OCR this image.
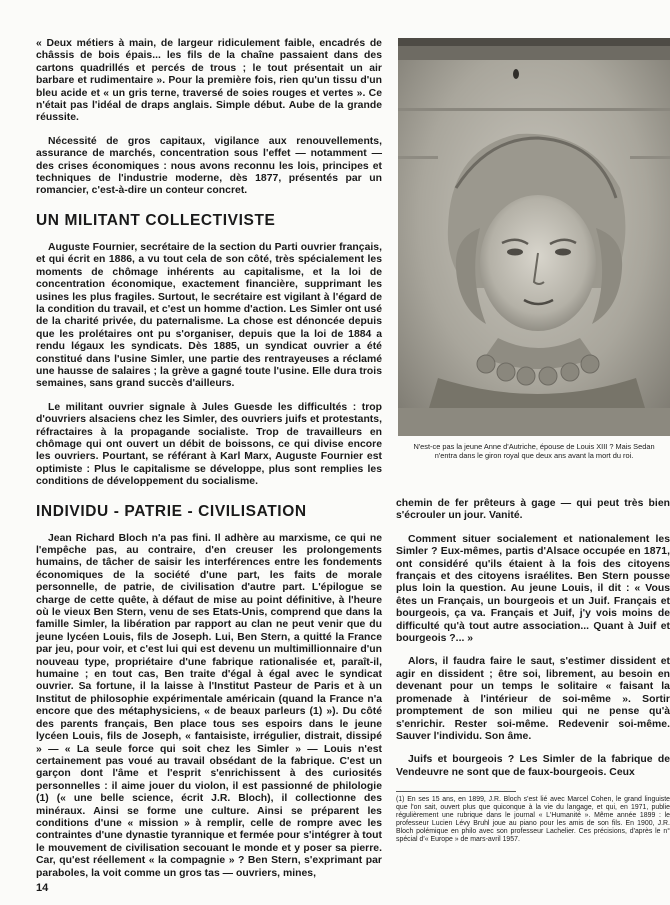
« Deux métiers à main, de largeur ridiculement faible, encadrés de châssis de bois épais... les fils de la chaîne passaient dans des cartons quadrillés et percés de trous ; le tout présentait un air barbare et rudimentaire ». Pour la première fois, rien qu'un tissu d'un bleu acide et « un gris terne, traversé de soies rouges et vertes ». Ce n'était pas l'idéal de draps anglais. Simple début. Aube de la grande réussite.

Nécessité de gros capitaux, vigilance aux renouvellements, assurance de marchés, concentration sous l'effet — notamment — des crises économiques : nous avons reconnu les lois, principes et techniques de l'industrie moderne, dès 1877, présentés par un romancier, c'est-à-dire un conteur concret.

UN MILITANT COLLECTIVISTE

Auguste Fournier, secrétaire de la section du Parti ouvrier français, et qui écrit en 1886, a vu tout cela de son côté, très spécialement les moments de chômage inhérents au capitalisme, et la loi de concentration économique, exactement financière, supprimant les usines les plus fragiles. Surtout, le secrétaire est vigilant à l'égard de la condition du travail, et c'est un homme d'action. Les Simler ont usé de la charité privée, du paternalisme. La chose est dénoncée depuis que les prolétaires ont pu s'organiser, depuis que la loi de 1884 a rendu légaux les syndicats. Dès 1885, un syndicat ouvrier a été constitué dans l'usine Simler, une partie des rentrayeuses a réclamé une hausse de salaires ; la grève a gagné toute l'usine. Elle dura trois semaines, sans grand succès d'ailleurs.

Le militant ouvrier signale à Jules Guesde les difficultés : trop d'ouvriers alsaciens chez les Simler, des ouvriers juifs et protestants, réfractaires à la propagande socialiste. Trop de travailleurs en chômage qui ont ouvert un débit de boissons, ce qui divise encore les ouvriers. Pourtant, se référant à Karl Marx, Auguste Fournier est optimiste : Plus le capitalisme se développe, plus sont remplies les conditions de développement du socialisme.

INDIVIDU - PATRIE - CIVILISATION

Jean Richard Bloch n'a pas fini. Il adhère au marxisme, ce qui ne l'empêche pas, au contraire, d'en creuser les prolongements humains, de tâcher de saisir les interférences entre les fondements économiques de la société d'une part, les faits de morale personnelle, de patrie, de civilisation d'autre part. L'épilogue se charge de cette quête, à défaut de mise au point définitive, à l'heure où le vieux Ben Stern, venu de ses Etats-Unis, comprend que dans la famille Simler, la libération par rapport au clan ne peut venir que du jeune lycéen Louis, fils de Joseph. Lui, Ben Stern, a quitté la France par jeu, pour voir, et c'est lui qui est devenu un multimillionnaire d'un nouveau type, propriétaire d'une fabrique rationalisée et, paraît-il, humaine ; en tout cas, Ben traite d'égal à égal avec le syndicat ouvrier. Sa fortune, il la laisse à l'Institut Pasteur de Paris et à un Institut de philosophie expérimentale américain (quand la France n'a encore que des métaphysiciens, « de beaux parleurs (1) »). Du côté des parents français, Ben place tous ses espoirs dans le jeune lycéen Louis, fils de Joseph, « fantaisiste, irrégulier, distrait, dissipé » — « La seule force qui soit chez les Simler » — Louis n'est certainement pas voué au travail obsédant de la fabrique. C'est un garçon dont l'âme et l'esprit s'enrichissent à des curiosités personnelles : il aime jouer du violon, il est passionné de philologie (1) (« une belle science, écrit J.R. Bloch), il collectionne des minéraux. Ainsi se forme une culture. Ainsi se préparent les conditions d'une « mission » à remplir, celle de rompre avec les contraintes d'une dynastie tyrannique et fermée pour s'intégrer à tout le mouvement de civilisation secouant le monde et y poser sa pierre. Car, qu'est réellement « la compagnie » ? Ben Stern, s'exprimant par paraboles, la voit comme un gros tas — ouvriers, mines,

N'est-ce pas la jeune Anne d'Autriche, épouse de Louis XIII ? Mais Sedan n'entra dans le giron royal que deux ans avant la mort du roi.

chemin de fer prêteurs à gage — qui peut très bien s'écrouler un jour. Vanité.

Comment situer socialement et nationalement les Simler ? Eux-mêmes, partis d'Alsace occupée en 1871, ont considéré qu'ils étaient à la fois des citoyens français et des citoyens israélites. Ben Stern pousse plus loin la question. Au jeune Louis, il dit : « Vous êtes un Français, un bourgeois et un Juif. Français et bourgeois, ça va. Français et Juif, j'y vois moins de difficulté qu'à tout autre association... Quant à Juif et bourgeois ?... »

Alors, il faudra faire le saut, s'estimer dissident et agir en dissident ; être soi, librement, au besoin en devenant pour un temps le solitaire « faisant la promenade à l'intérieur de soi-même ». Sortir promptement de son milieu qui ne pense qu'à s'enrichir. Rester soi-même. Redevenir soi-même. Sauver l'individu. Son âme.

Juifs et bourgeois ? Les Simler de la fabrique de Vendeuvre ne sont que de faux-bourgeois. Ceux

(1) En ses 15 ans, en 1899, J.R. Bloch s'est lié avec Marcel Cohen, le grand linguiste que l'on sait, ouvert plus que quiconque à la vie du langage, et qui, en 1971, publie régulièrement une rubrique dans le journal « L'Humanité ». Même année 1899 : le professeur Lucien Lévy Bruhl joue au piano pour les amis de son fils. En 1900, J.R. Bloch polémique en philo avec son professeur Lachelier. Ces précisions, d'après le n° spécial d'« Europe » de mars-avril 1957.

14
